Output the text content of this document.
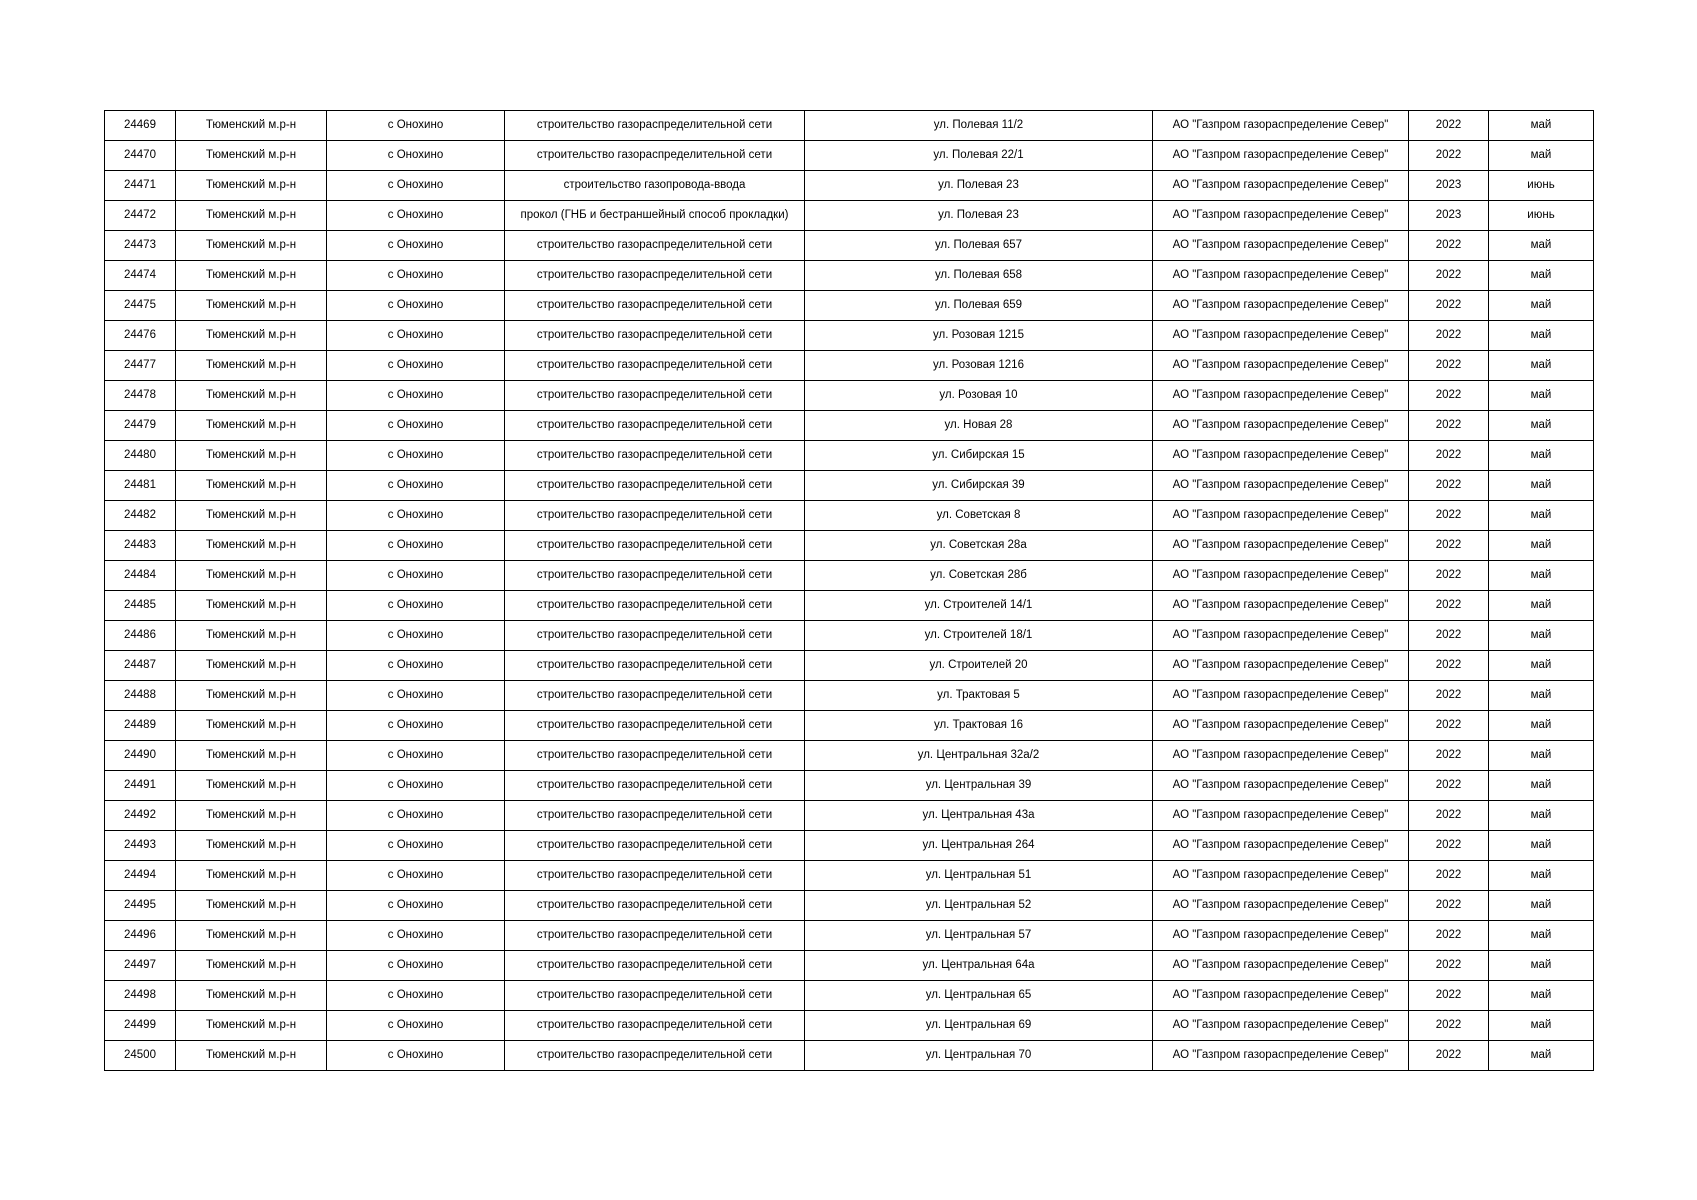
24469	Тюменский м.р-н	с Онохино	строительство газораспределительной сети	ул. Полевая 11/2	АО "Газпром газораспределение Север"	2022	май
24470	Тюменский м.р-н	с Онохино	строительство газораспределительной сети	ул. Полевая 22/1	АО "Газпром газораспределение Север"	2022	май
24471	Тюменский м.р-н	с Онохино	строительство газопровода-ввода	ул. Полевая 23	АО "Газпром газораспределение Север"	2023	июнь
24472	Тюменский м.р-н	с Онохино	прокол (ГНБ и бестраншейный способ прокладки)	ул. Полевая 23	АО "Газпром газораспределение Север"	2023	июнь
24473	Тюменский м.р-н	с Онохино	строительство газораспределительной сети	ул. Полевая 657	АО "Газпром газораспределение Север"	2022	май
24474	Тюменский м.р-н	с Онохино	строительство газораспределительной сети	ул. Полевая 658	АО "Газпром газораспределение Север"	2022	май
24475	Тюменский м.р-н	с Онохино	строительство газораспределительной сети	ул. Полевая 659	АО "Газпром газораспределение Север"	2022	май
24476	Тюменский м.р-н	с Онохино	строительство газораспределительной сети	ул. Розовая 1215	АО "Газпром газораспределение Север"	2022	май
24477	Тюменский м.р-н	с Онохино	строительство газораспределительной сети	ул. Розовая 1216	АО "Газпром газораспределение Север"	2022	май
24478	Тюменский м.р-н	с Онохино	строительство газораспределительной сети	ул. Розовая 10	АО "Газпром газораспределение Север"	2022	май
24479	Тюменский м.р-н	с Онохино	строительство газораспределительной сети	ул. Новая 28	АО "Газпром газораспределение Север"	2022	май
24480	Тюменский м.р-н	с Онохино	строительство газораспределительной сети	ул. Сибирская 15	АО "Газпром газораспределение Север"	2022	май
24481	Тюменский м.р-н	с Онохино	строительство газораспределительной сети	ул. Сибирская 39	АО "Газпром газораспределение Север"	2022	май
24482	Тюменский м.р-н	с Онохино	строительство газораспределительной сети	ул. Советская 8	АО "Газпром газораспределение Север"	2022	май
24483	Тюменский м.р-н	с Онохино	строительство газораспределительной сети	ул. Советская 28а	АО "Газпром газораспределение Север"	2022	май
24484	Тюменский м.р-н	с Онохино	строительство газораспределительной сети	ул. Советская 28б	АО "Газпром газораспределение Север"	2022	май
24485	Тюменский м.р-н	с Онохино	строительство газораспределительной сети	ул. Строителей 14/1	АО "Газпром газораспределение Север"	2022	май
24486	Тюменский м.р-н	с Онохино	строительство газораспределительной сети	ул. Строителей 18/1	АО "Газпром газораспределение Север"	2022	май
24487	Тюменский м.р-н	с Онохино	строительство газораспределительной сети	ул. Строителей 20	АО "Газпром газораспределение Север"	2022	май
24488	Тюменский м.р-н	с Онохино	строительство газораспределительной сети	ул. Трактовая 5	АО "Газпром газораспределение Север"	2022	май
24489	Тюменский м.р-н	с Онохино	строительство газораспределительной сети	ул. Трактовая 16	АО "Газпром газораспределение Север"	2022	май
24490	Тюменский м.р-н	с Онохино	строительство газораспределительной сети	ул. Центральная 32а/2	АО "Газпром газораспределение Север"	2022	май
24491	Тюменский м.р-н	с Онохино	строительство газораспределительной сети	ул. Центральная 39	АО "Газпром газораспределение Север"	2022	май
24492	Тюменский м.р-н	с Онохино	строительство газораспределительной сети	ул. Центральная 43а	АО "Газпром газораспределение Север"	2022	май
24493	Тюменский м.р-н	с Онохино	строительство газораспределительной сети	ул. Центральная 264	АО "Газпром газораспределение Север"	2022	май
24494	Тюменский м.р-н	с Онохино	строительство газораспределительной сети	ул. Центральная 51	АО "Газпром газораспределение Север"	2022	май
24495	Тюменский м.р-н	с Онохино	строительство газораспределительной сети	ул. Центральная 52	АО "Газпром газораспределение Север"	2022	май
24496	Тюменский м.р-н	с Онохино	строительство газораспределительной сети	ул. Центральная 57	АО "Газпром газораспределение Север"	2022	май
24497	Тюменский м.р-н	с Онохино	строительство газораспределительной сети	ул. Центральная 64а	АО "Газпром газораспределение Север"	2022	май
24498	Тюменский м.р-н	с Онохино	строительство газораспределительной сети	ул. Центральная 65	АО "Газпром газораспределение Север"	2022	май
24499	Тюменский м.р-н	с Онохино	строительство газораспределительной сети	ул. Центральная 69	АО "Газпром газораспределение Север"	2022	май
24500	Тюменский м.р-н	с Онохино	строительство газораспределительной сети	ул. Центральная 70	АО "Газпром газораспределение Север"	2022	май
